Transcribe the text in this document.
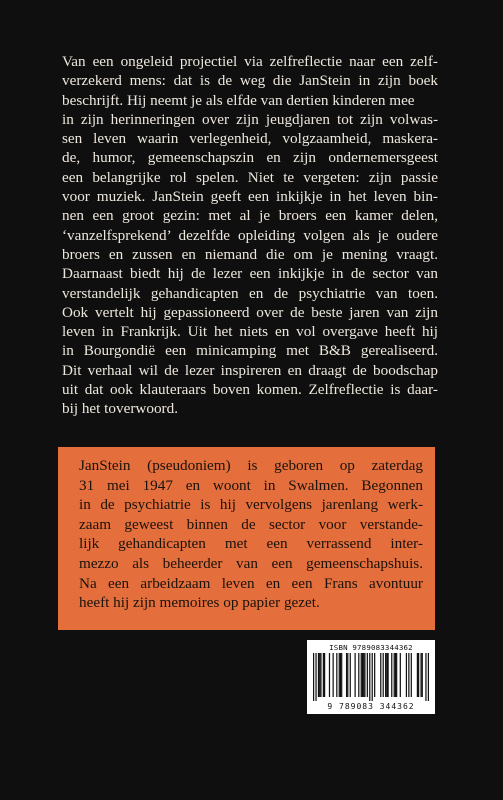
Van een ongeleid projectiel via zelfreflectie naar een zelf-
verzekerd mens: dat is de weg die JanStein in zijn boek
beschrijft. Hij neemt je als elfde van dertien kinderen mee
in zijn herinneringen over zijn jeugdjaren tot zijn volwas-
sen leven waarin verlegenheid, volgzaamheid, maskera-
de, humor, gemeenschapszin en zijn ondernemersgeest
een belangrijke rol spelen. Niet te vergeten: zijn passie
voor muziek. JanStein geeft een inkijkje in het leven bin-
nen een groot gezin: met al je broers een kamer delen,
‘vanzelfsprekend’ dezelfde opleiding volgen als je oudere
broers en zussen en niemand die om je mening vraagt.
Daarnaast biedt hij de lezer een inkijkje in de sector van
verstandelijk gehandicapten en de psychiatrie van toen.
Ook vertelt hij gepassioneerd over de beste jaren van zijn
leven in Frankrijk. Uit het niets en vol overgave heeft hij
in Bourgondië een minicamping met B&B gerealiseerd.
Dit verhaal wil de lezer inspireren en draagt de boodschap
uit dat ook klauteraars boven komen. Zelfreflectie is daar-
bij het toverwoord.

JanStein (pseudoniem) is geboren op zaterdag
31 mei 1947 en woont in Swalmen. Begonnen
in de psychiatrie is hij vervolgens jarenlang werk-
zaam geweest binnen de sector voor verstande-
lijk gehandicapten met een verrassend inter-
mezzo als beheerder van een gemeenschapshuis.
Na een arbeidzaam leven en een Frans avontuur
heeft hij zijn memoires op papier gezet.

ISBN 9789083344362
9 789083 344362
